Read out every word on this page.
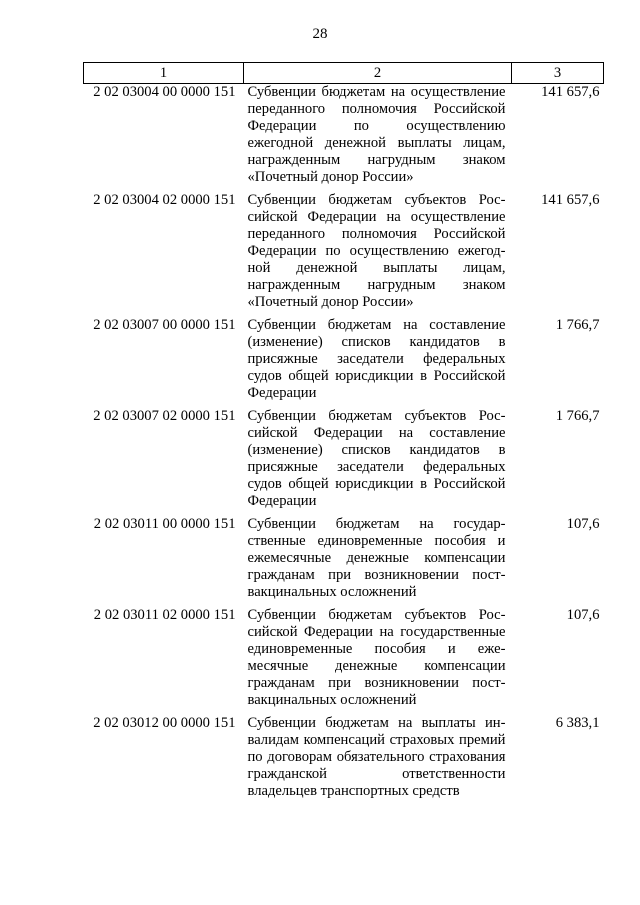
28
1	2	3
2 02 03004 00 0000 151	Субвенции бюджетам на осуществление переданного полномочия Российской Федерации по осуществлению ежегодной денежной выплаты лицам, награжденным нагрудным знаком «Почетный донор России»	141 657,6
2 02 03004 02 0000 151	Субвенции бюджетам субъектов Российской Федерации на осуществление переданного полномочия Российской Федерации по осуществлению ежегодной денежной выплаты лицам, награжденным нагрудным знаком «Почетный донор России»	141 657,6
2 02 03007 00 0000 151	Субвенции бюджетам на составление (изменение) списков кандидатов в присяжные заседатели федеральных судов общей юрисдикции в Российской Федерации	1 766,7
2 02 03007 02 0000 151	Субвенции бюджетам субъектов Российской Федерации на составление (изменение) списков кандидатов в присяжные заседатели федеральных судов общей юрисдикции в Российской Федерации	1 766,7
2 02 03011 00 0000 151	Субвенции бюджетам на государственные единовременные пособия и ежемесячные денежные компенсации гражданам при возникновении поствакцинальных осложнений	107,6
2 02 03011 02 0000 151	Субвенции бюджетам субъектов Российской Федерации на государственные единовременные пособия и ежемесячные денежные компенсации гражданам при возникновении поствакцинальных осложнений	107,6
2 02 03012 00 0000 151	Субвенции бюджетам на выплаты инвалидам компенсаций страховых премий по договорам обязательного страхования гражданской ответственности владельцев транспортных средств	6 383,1
